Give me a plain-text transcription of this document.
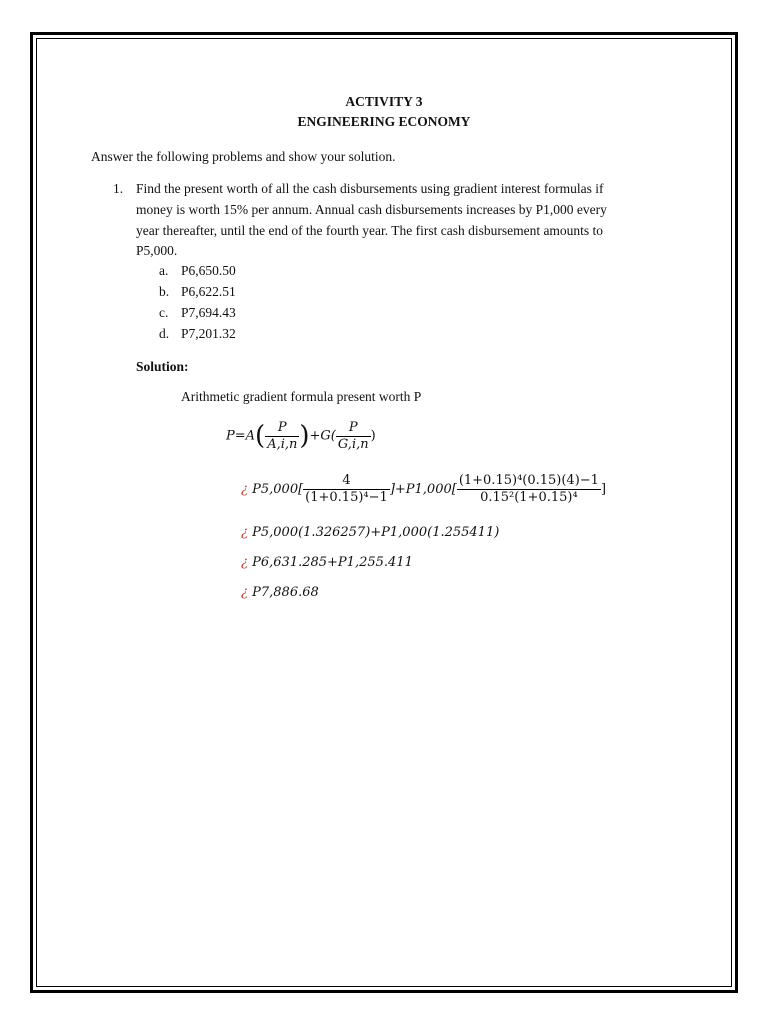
ACTIVITY 3
ENGINEERING ECONOMY
Answer the following problems and show your solution.
1. Find the present worth of all the cash disbursements using gradient interest formulas if
money is worth 15% per annum. Annual cash disbursements increases by P1,000 every
year thereafter, until the end of the fourth year. The first cash disbursement amounts to
P5,000.
a. P6,650.50
b. P6,622.51
c. P7,694.43
d. P7,201.32
Solution:
Arithmetic gradient formula present worth P
$P=A( \frac{P}{A,i,n} )+G( \frac{P}{G,i,n}$ )
¿ $P5,000[ \frac{4}{\text{(1+0.15)⁴−1}} ]+P1,000[ \frac{\text{(1+0.15)⁴(0.15)(4)−1}}{\text{0.15²(1+0.15)⁴}}$ ]
¿ P5,000(1.326257)+P1,000(1.255411)
¿ P6,631.285+P1,255.411
¿ P7,886.68
